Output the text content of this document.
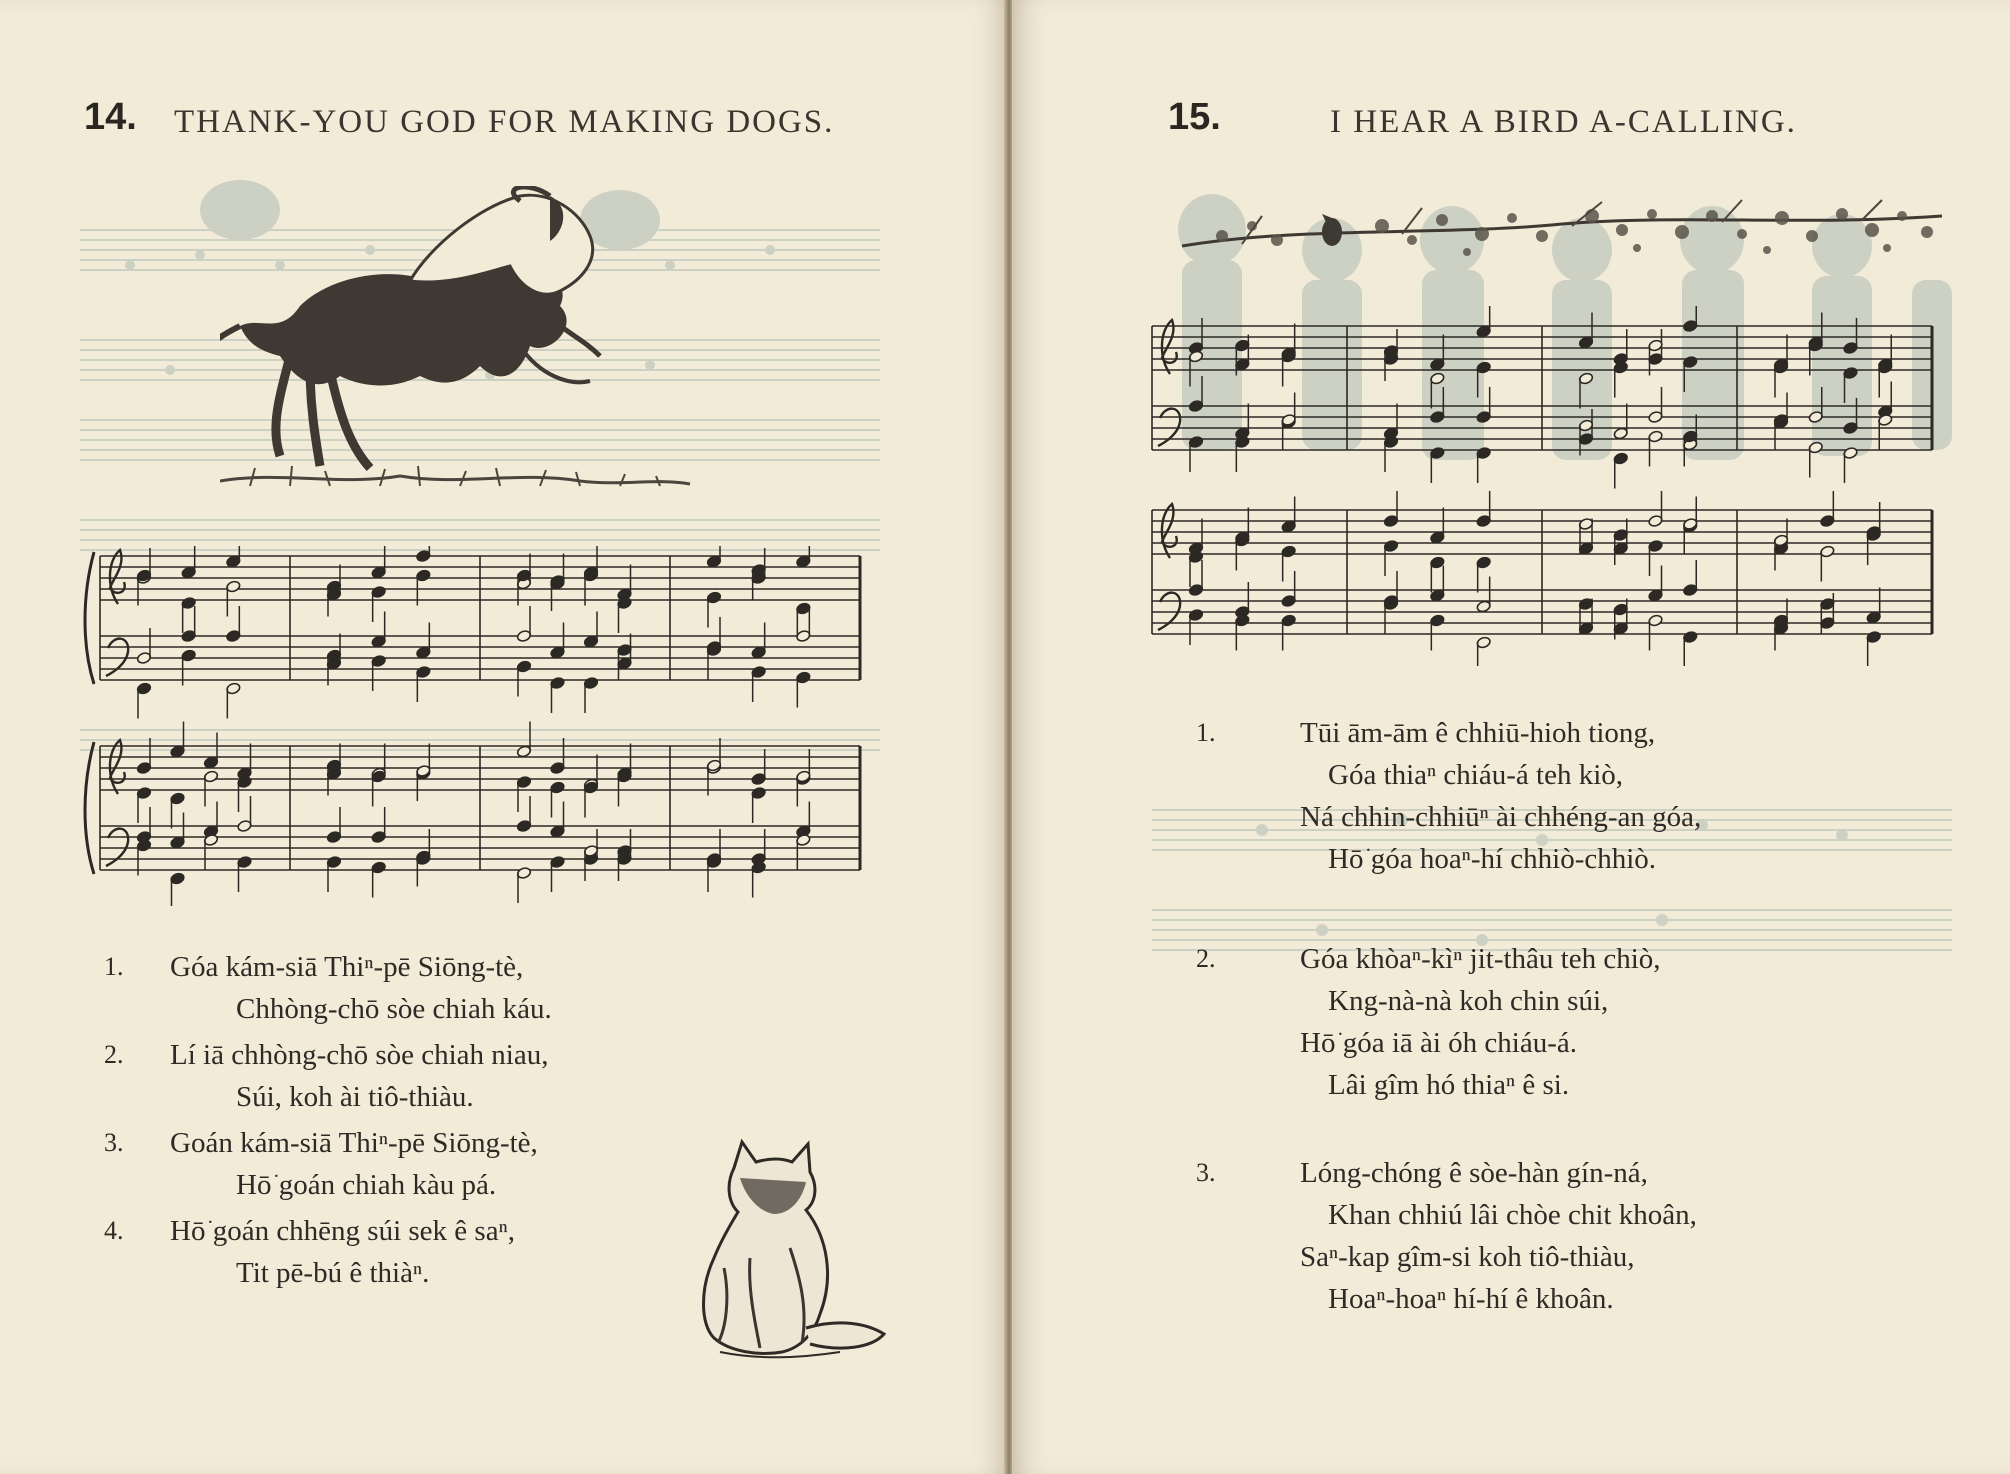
14. THANK-YOU GOD FOR MAKING DOGS.
1. Góa kám-siā Thiⁿ-pē Siōng-tè,
Chhòng-chō sòe chiah káu.
2. Lí iā chhòng-chō sòe chiah niau,
Súi, koh ài tiô-thiàu.
3. Goán kám-siā Thiⁿ-pē Siōng-tè,
Hō͘ goán chiah kàu pá.
4. Hō͘ goán chhēng súi sek ê saⁿ,
Tit pē-bú ê thiàⁿ.
15.	I HEAR A BIRD A-CALLING.
1.	Tūi ām-ām ê chhiū-hioh tiong,
Góa thiaⁿ chiáu-á teh kiò,
Ná chhin-chhiūⁿ ài chhéng-an góa,
Hō͘ góa hoaⁿ-hí chhiò-chhiò.
2.	Góa khòaⁿ-kìⁿ jit-thâu teh chiò,
Kng-nà-nà koh chin súi,
Hō͘ góa iā ài óh chiáu-á.
Lâi gîm hó thiaⁿ ê si.
3.	Lóng-chóng ê sòe-hàn gín-ná,
Khan chhiú lâi chòe chit khoân,
Saⁿ-kap gîm-si koh tiô-thiàu,
Hoaⁿ-hoaⁿ hí-hí ê khoân.
